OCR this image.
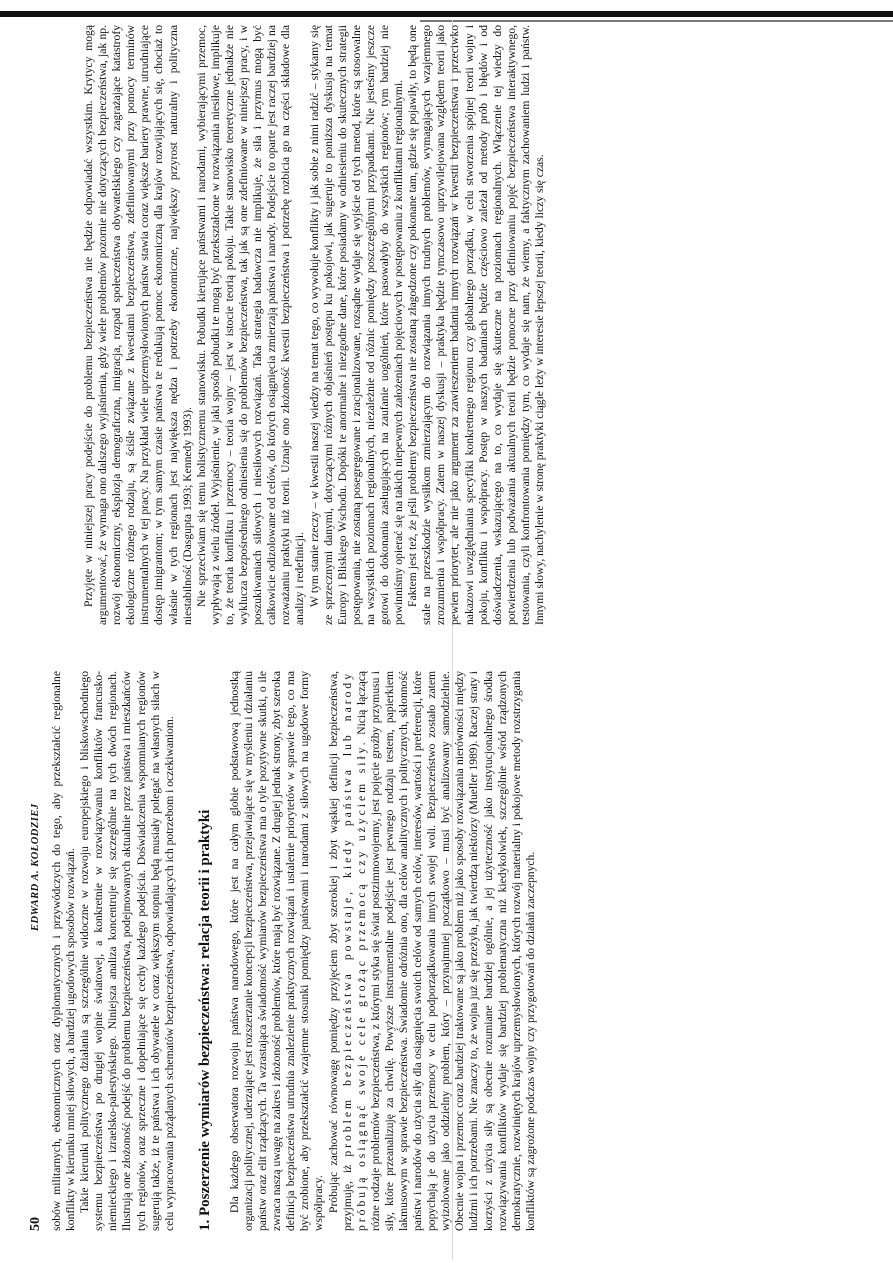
50
EDWARD A. KOŁODZIEJ sobów militarnych, ekonomicznych oraz dyplomatycznych i przywódczych do tego, aby przekształcić regionalne konflikty w kierunku mniej siłowych, a bardziej ugodowych sposobów rozwiązań. Takie kierunki politycznego działania są szczególnie widoczne w rozwoju europejskiego i bliskowschodniego systemu bezpieczeństwa po drugiej wojnie światowej, a konkretnie w rozwiązywaniu konfliktów francusko-niemieckiego i izraelsko-palestyńskiego. Niniejsza analiza koncentruje się szczególnie na tych dwóch regionach. Ilustrują one złożoność podejść do problemu bezpieczeństwa, podejmowanych aktualnie przez państwa i mieszkańców tych regionów, oraz sprzeczne i dopełniające się cechy każdego podejścia. Doświadczenia wspomnianych regionów sugerują także, iż te państwa i ich obywatele w coraz większym stopniu będą musiały polegać na własnych siłach w celu wypracowania pożądanych schematów bezpieczeństwa, odpowiadających ich potrzebom i oczekiwaniom. 1. Poszerzenie wymiarów bezpieczeństwa: relacja teorii i praktyki Dla każdego obserwatora rozwoju państwa narodowego, które jest na całym globie podstawową jednostką organizacji politycznej, uderzające jest rozszerzanie koncepcji bezpieczeństwa, przejawiające się w myśleniu i działaniu państw oraz elit rządzących. Ta wzrastająca świadomość wymiarów bezpieczeństwa ma o tyle pozytywne skutki, o ile zwraca naszą uwagę na zakres i złożoność problemów, które mają być rozwiązane. Z drugiej jednak strony, zbyt szeroka definicja bezpieczeństwa utrudnia znalezienie praktycznych rozwiązań i ustalenie priorytetów w sprawie tego, co ma być zrobione, aby przekształcić wzajemne stosunki pomiędzy państwami i narodami z siłowych na ugodowe formy współpracy. Próbując zachować równowagę pomiędzy przyjęciem zbyt szerokiej i zbyt wąskiej definicji bezpieczeństwa, przyjmuję, iż problem bezpieczeństwa powstaje, kiedy państwa lub narody próbują osiągnąć swoje cele grożąc przemocą czy użyciem siły. Nicią łączącą różne rodzaje problemów bezpieczeństwa, z którymi styka się świat postzimnowojenny, jest pojęcie groźby przymusu i siły, które przeanalizuję za chwilę. Powyższe instrumentalne podejście jest pewnego rodzaju testem, papierkiem lakmusowym w sprawie bezpieczeństwa. Świadomie odróżnia ono, dla celów analitycznych i politycznych, skłonność państw i narodów do użycia siły dla osiągnięcia swoich celów od samych celów, interesów, wartości i preferencji, które popychają je do użycia przemocy w celu podporządkowania innych swojej woli. Bezpieczeństwo zostało zatem wyizolowane jako oddzielny problem, który – przynajmniej początkowo – musi być analizowany samodzielnie. Obecnie wojna i przemoc coraz bardziej traktowane są jako problem niż jako sposoby rozwiązania nierówności między ludźmi i ich potrzebami. Nie znaczy to, że wojna już się przeżyła, jak twierdzą niektórzy (Mueller 1989). Raczej straty i korzyści z użycia siły są obecnie rozumiane bardziej ogólnie, a jej użyteczność jako instytucjonalnego środka rozwiązywania konfliktów wydaje się bardziej problematyczna niż kiedykolwiek, szczególnie wśród rządzonych demokratycznie, rozwiniętych krajów uprzemysłowionych, których rozwój materialny i pokojowe metody rozstrzygania konfliktów są zagrożone podczas wojny czy przygotowań do działań zaczepnych.

Przyjęte w niniejszej pracy podejście do problemu bezpieczeństwa nie będzie odpowiadać wszystkim. Krytycy mogą argumentować, że wymaga ono dalszego wyjaśnienia, gdyż wiele problemów pozornie nie dotyczących bezpieczeństwa, jak np. rozwój ekonomiczny, eksplozja demograficzna, imigracja, rozpad społeczeństwa obywatelskiego czy zagrażające katastrofy ekologiczne różnego rodzaju, są ściśle związane z kwestiami bezpieczeństwa, zdefiniowanymi przy pomocy terminów instrumentalnych w tej pracy. Na przykład wiele uprzemysłowionych państw stawia coraz większe bariery prawne, utrudniające dostęp imigrantom; w tym samym czasie państwa te redukują pomoc ekonomiczną dla krajów rozwijających się, chociaż to właśnie w tych regionach jest największa nędza i potrzeby ekonomiczne, największy przyrost naturalny i polityczna niestabilność (Dasgupta 1993; Kennedy 1993). Nie sprzeciwiam się temu holistycznemu stanowisku. Pobudki kierujące państwami i narodami, wybierającymi przemoc, wypływają z wielu źródeł. Wyjaśnienie, w jaki sposób pobudki te mogą być przekształcone w rozwiązania niesiłowe, implikuje to, że teoria konfliktu i przemocy – teoria wojny – jest w istocie teorią pokoju. Takie stanowisko teoretyczne jednakże nie wyklucza bezpośredniego odniesienia się do problemów bezpieczeństwa, tak jak są one zdefiniowane w niniejszej pracy, i w poszukiwaniach siłowych i niesiłowych rozwiązań. Taka strategia badawcza nie implikuje, że siła i przymus mogą być całkowicie odizolowane od celów, do których osiągnięcia zmierzają państwa i narody. Podejście to oparte jest raczej bardziej na rozważaniu praktyki niż teorii. Uznaje ono złożoność kwestii bezpieczeństwa i potrzebę rozbicia go na części składowe dla analizy i redefinicji. W tym stanie rzeczy – w kwestii naszej wiedzy na temat tego, co wywołuje konflikty i jak sobie z nimi radzić – stykamy się ze sprzecznymi danymi, dotyczącymi różnych objaśnień postępu ku pokojowi, jak sugeruje to poniższa dyskusja na temat Europy i Bliskiego Wschodu. Dopóki te anormalne i niezgodne dane, które posiadamy w odniesieniu do skutecznych strategii postępowania, nie zostaną posegregowane i zracjonalizowane, rozsądne wydaje się wyjście od tych metod, które są stosowalne na wszystkich poziomach regionalnych, niezależnie od różnic pomiędzy poszczególnymi przypadkami. Nie jesteśmy jeszcze gotowi do dokonania zasługujących na zaufanie uogólnień, które pasowałyby do wszystkich regionów; tym bardziej nie powinniśmy opierać się na takich niepewnych założeniach pojęciowych w postępowaniu z konfliktami regionalnymi. Faktem jest też, że jeśli problemy bezpieczeństwa nie zostaną złagodzone czy pokonane tam, gdzie się pojawiły, to będą one stale na przeszkodzie wysiłkom zmierzającym do rozwiązania innych trudnych problemów, wymagających wzajemnego zrozumienia i współpracy. Zatem w naszej dyskusji – praktyka będzie tymczasowo uprzywilejowana względem teorii jako pewien priorytet, ale nie jako argument za zawieszeniem badania innych rozwiązań w kwestii bezpieczeństwa i przeciwko nakazowi uwzględniania specyfiki konkretnego regionu czy globalnego porządku, w celu stworzenia spójnej teorii wojny i pokoju, konfliktu i współpracy. Postęp w naszych badaniach będzie częściowo zależał od metody prób i błędów i od doświadczenia, wskazującego na to, co wydaje się skuteczne na poziomach regionalnych. Włączenie tej wiedzy do potwierdzenia lub podważania aktualnych teorii będzie pomocne przy definiowaniu pojęć bezpieczeństwa interaktywnego, testowania, czyli konfrontowania pomiędzy tym, co wydaje się nam, że wiemy, a faktycznym zachowaniem ludzi i państw. Innymi słowy, nachylenie w stronę praktyki ciągle leży w interesie lepszej teorii, kiedy liczy się czas.
